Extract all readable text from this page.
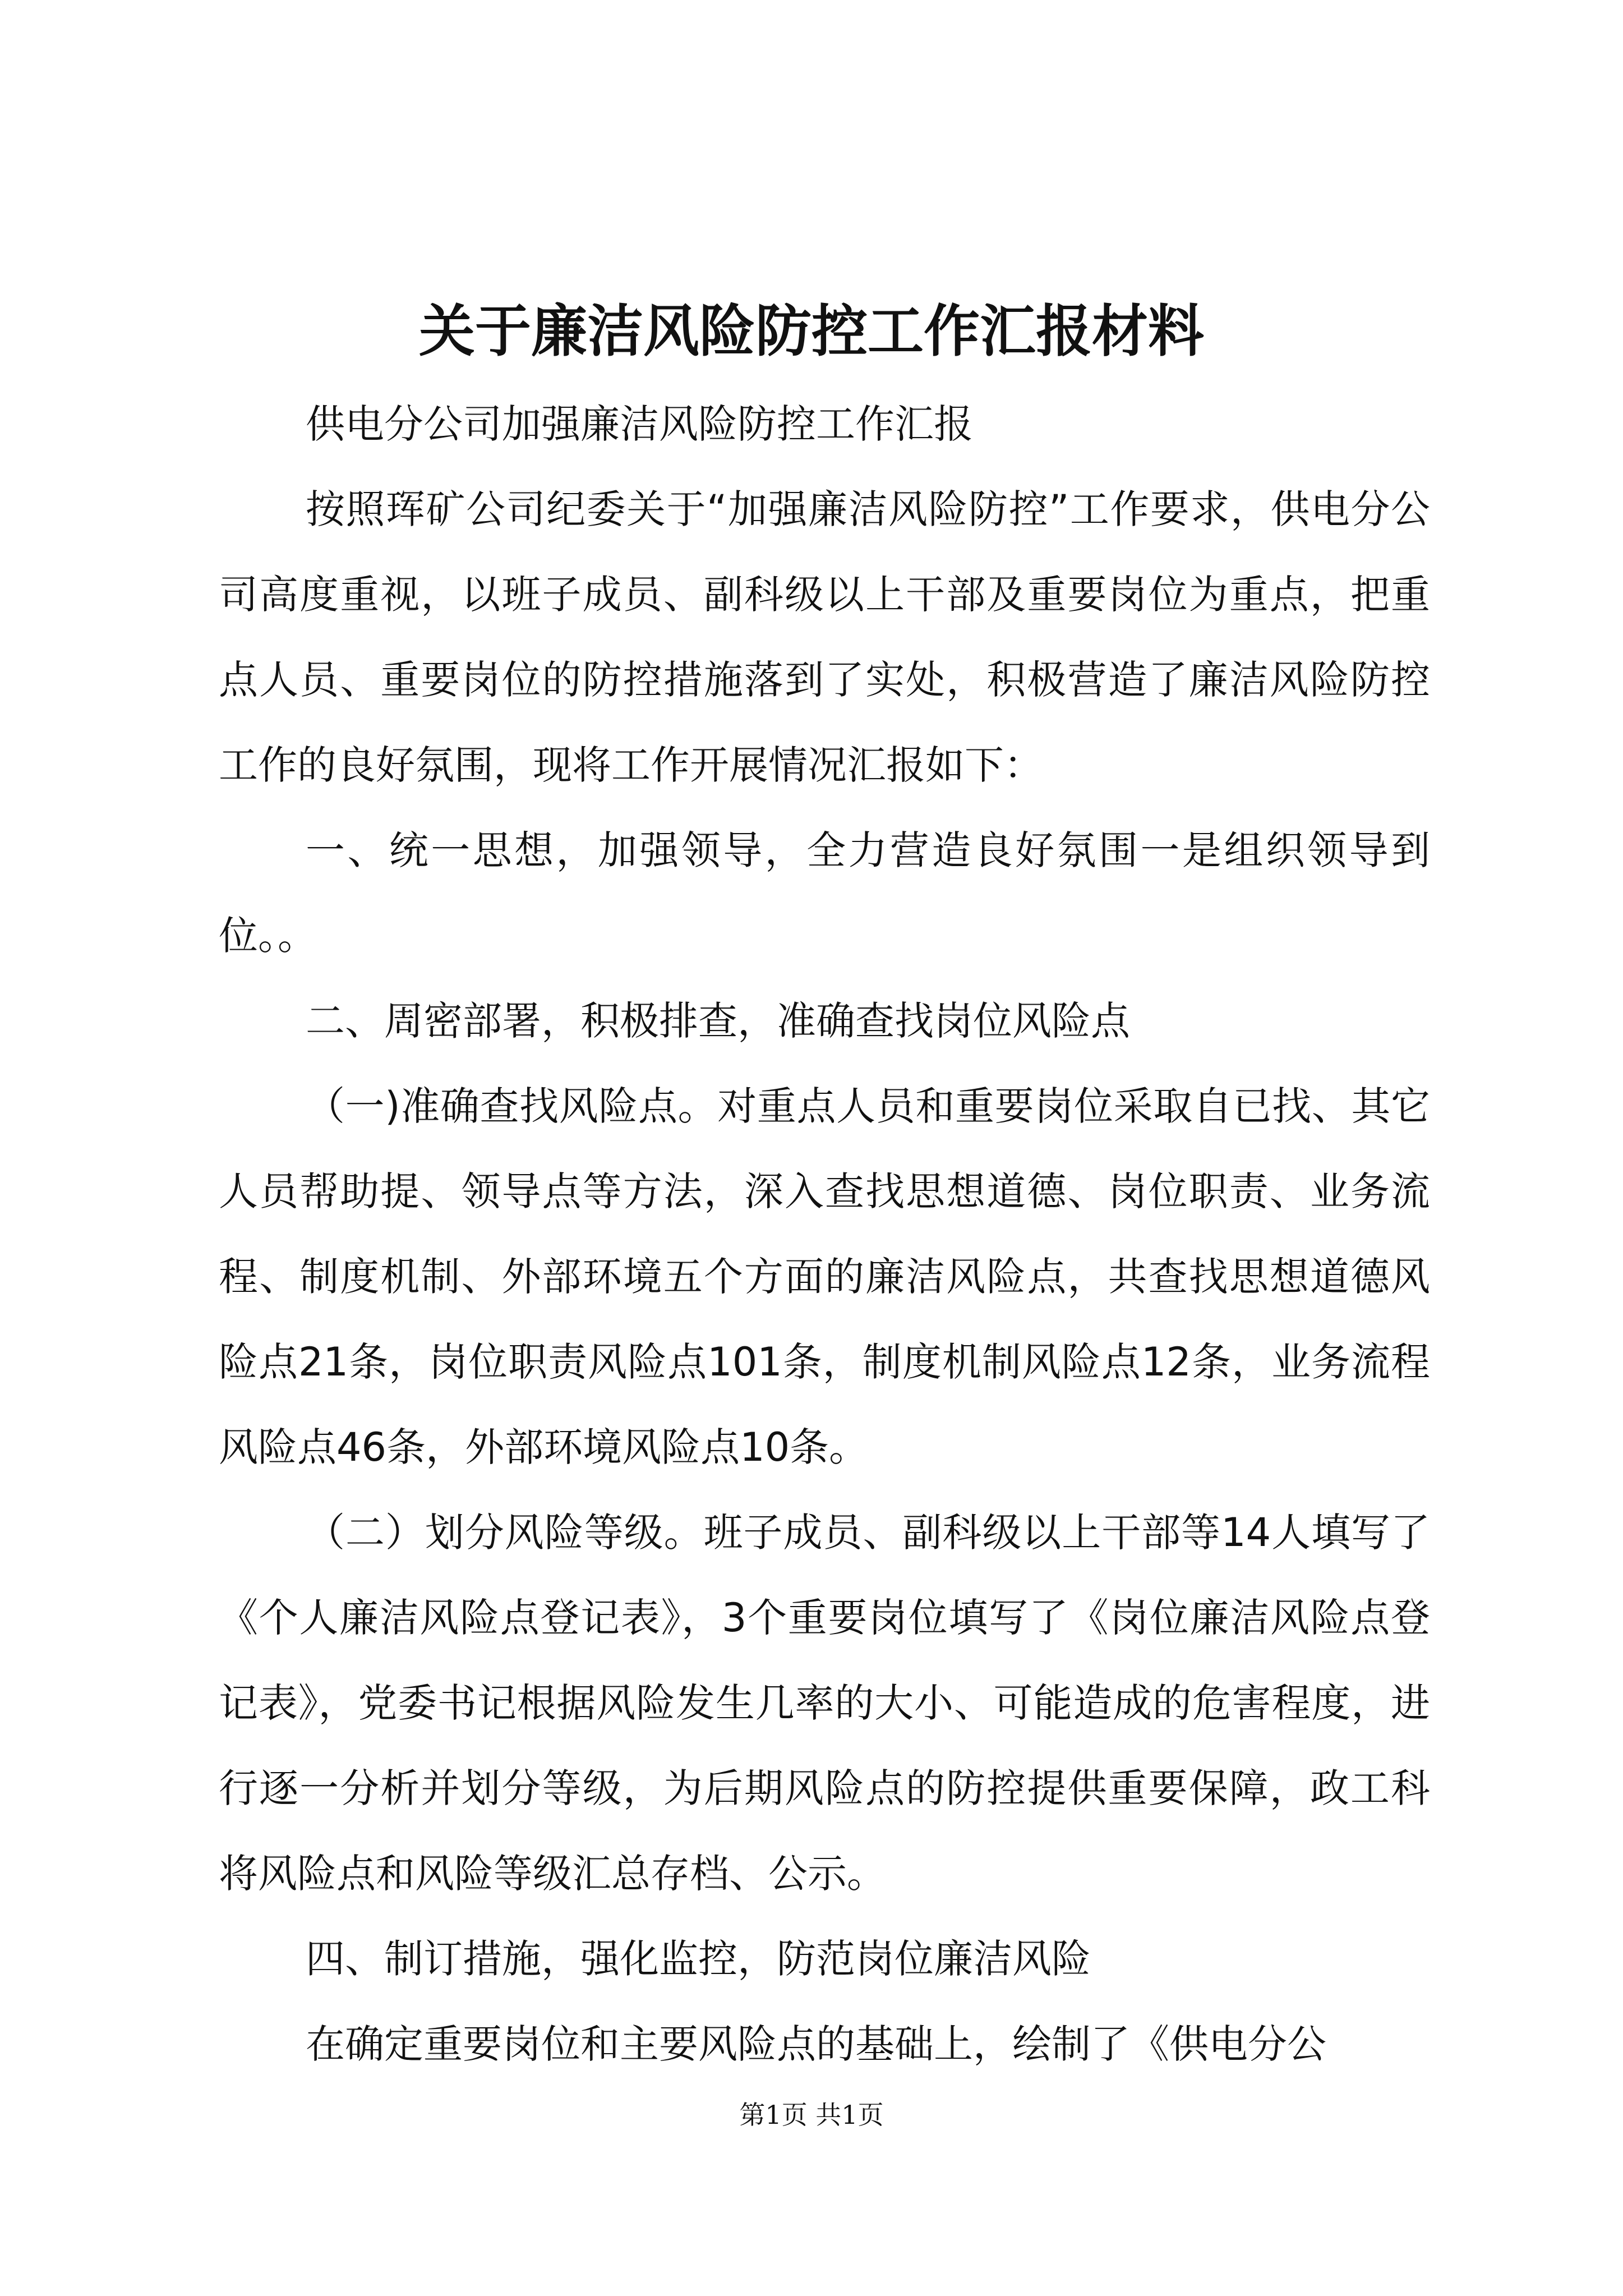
关于廉洁风险防控工作汇报材料

供电分公司加强廉洁风险防控工作汇报

按照珲矿公司纪委关于“加强廉洁风险防控”工作要求，供电分公司高度重视，以班子成员、副科级以上干部及重要岗位为重点，把重点人员、重要岗位的防控措施落到了实处，积极营造了廉洁风险防控工作的良好氛围，现将工作开展情况汇报如下：

一、统一思想，加强领导，全力营造良好氛围一是组织领导到位。。

二、周密部署，积极排查，准确查找岗位风险点

（一)准确查找风险点。对重点人员和重要岗位采取自已找、其它人员帮助提、领导点等方法，深入查找思想道德、岗位职责、业务流程、制度机制、外部环境五个方面的廉洁风险点，共查找思想道德风险点21条，岗位职责风险点101条，制度机制风险点12条，业务流程风险点46条，外部环境风险点10条。

（二）划分风险等级。班子成员、副科级以上干部等14人填写了《个人廉洁风险点登记表》，3个重要岗位填写了《岗位廉洁风险点登记表》，党委书记根据风险发生几率的大小、可能造成的危害程度，进行逐一分析并划分等级，为后期风险点的防控提供重要保障，政工科将风险点和风险等级汇总存档、公示。

四、制订措施，强化监控，防范岗位廉洁风险

在确定重要岗位和主要风险点的基础上，绘制了《供电分公

第1页 共1页
